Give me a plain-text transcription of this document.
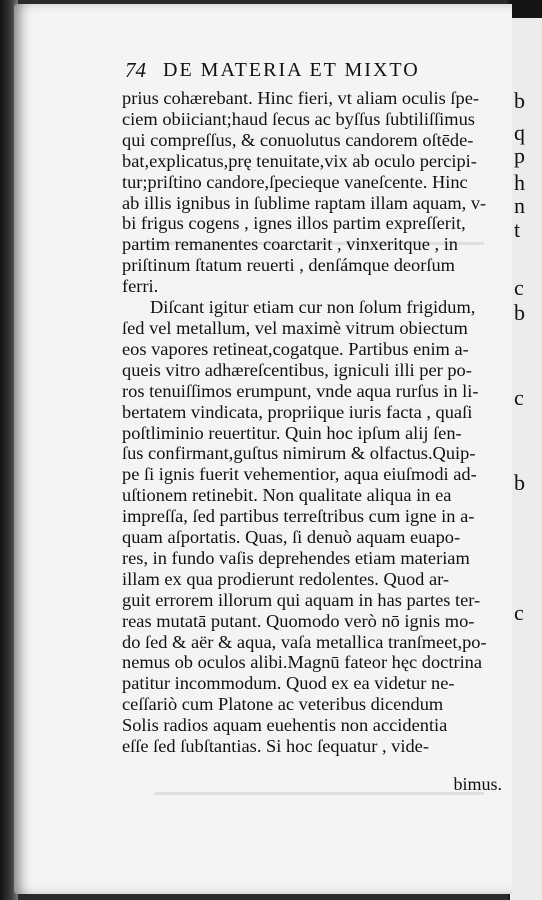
b
q
p
h
n
t
c
b
c
b
c
74 DE MATERIA ET MIXTO
prius cohærebant. Hinc fieri, vt aliam oculis ſpe-
ciem obiiciant;haud ſecus ac byſſus ſubtiliſſimus
qui compreſſus, & conuolutus candorem oſtēde-
bat,explicatus,prę tenuitate,vix ab oculo percipi-
tur;priſtino candore,ſpecieque vaneſcente. Hinc
ab illis ignibus in ſublime raptam illam aquam, v-
bi frigus cogens , ignes illos partim expreſſerit,
partim remanentes coarctarit , vinxeritque , in
priſtinum ſtatum reuerti , denſámque deorſum
ferri.
Diſcant igitur etiam cur non ſolum frigidum,
ſed vel metallum, vel maximè vitrum obiectum
eos vapores retineat,cogatque. Partibus enim a-
queis vitro adhæreſcentibus, igniculi illi per po-
ros tenuiſſimos erumpunt, vnde aqua rurſus in li-
bertatem vindicata, propriique iuris facta , quaſi
poſtliminio reuertitur. Quin hoc ipſum alij ſen-
ſus confirmant,guſtus nimirum & olfactus.Quip-
pe ſi ignis fuerit vehementior, aqua eiuſmodi ad-
uſtionem retinebit. Non qualitate aliqua in ea
impreſſa, ſed partibus terreſtribus cum igne in a-
quam aſportatis. Quas, ſi denuò aquam euapo-
res, in fundo vaſis deprehendes etiam materiam
illam ex qua prodierunt redolentes. Quod ar-
guit errorem illorum qui aquam in has partes ter-
reas mutatā putant. Quomodo verò nō ignis mo-
do ſed & aër & aqua, vaſa metallica tranſmeet,po-
nemus ob oculos alibi.Magnū fateor hęc doctrina
patitur incommodum. Quod ex ea videtur ne-
ceſſariò cum Platone ac veteribus dicendum
Solis radios aquam euehentis non accidentia
eſſe ſed ſubſtantias. Si hoc ſequatur , vide-
bimus.
